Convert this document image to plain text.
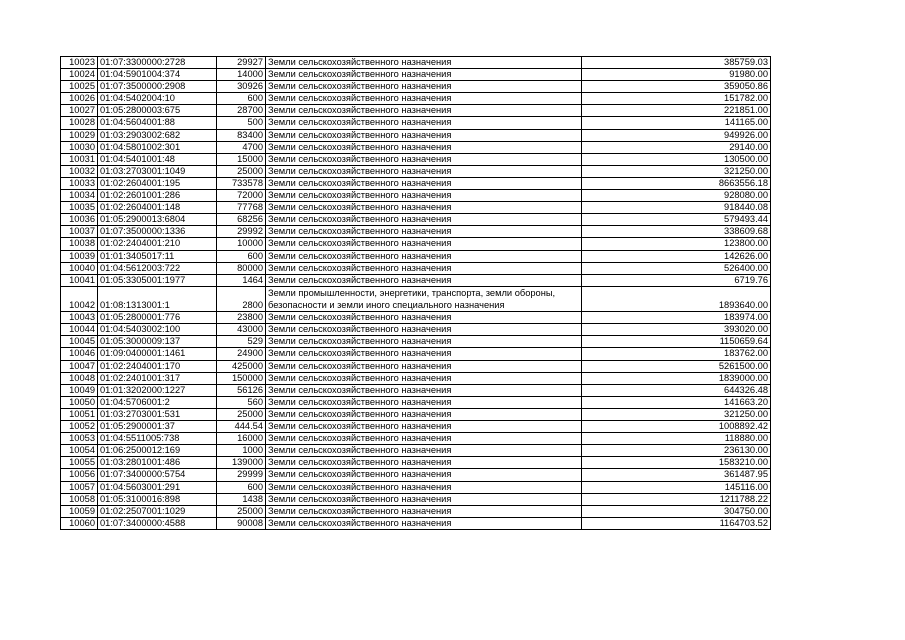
10023	01:07:3300000:2728	29927	Земли сельскохозяйственного назначения	385759.03
10024	01:04:5901004:374	14000	Земли сельскохозяйственного назначения	91980.00
10025	01:07:3500000:2908	30926	Земли сельскохозяйственного назначения	359050.86
10026	01:04:5402004:10	600	Земли сельскохозяйственного назначения	151782.00
10027	01:05:2800003:675	28700	Земли сельскохозяйственного назначения	221851.00
10028	01:04:5604001:88	500	Земли сельскохозяйственного назначения	141165.00
10029	01:03:2903002:682	83400	Земли сельскохозяйственного назначения	949926.00
10030	01:04:5801002:301	4700	Земли сельскохозяйственного назначения	29140.00
10031	01:04:5401001:48	15000	Земли сельскохозяйственного назначения	130500.00
10032	01:03:2703001:1049	25000	Земли сельскохозяйственного назначения	321250.00
10033	01:02:2604001:195	733578	Земли сельскохозяйственного назначения	8663556.18
10034	01:02:2601001:286	72000	Земли сельскохозяйственного назначения	928080.00
10035	01:02:2604001:148	77768	Земли сельскохозяйственного назначения	918440.08
10036	01:05:2900013:6804	68256	Земли сельскохозяйственного назначения	579493.44
10037	01:07:3500000:1336	29992	Земли сельскохозяйственного назначения	338609.68
10038	01:02:2404001:210	10000	Земли сельскохозяйственного назначения	123800.00
10039	01:01:3405017:11	600	Земли сельскохозяйственного назначения	142626.00
10040	01:04:5612003:722	80000	Земли сельскохозяйственного назначения	526400.00
10041	01:05:3305001:1977	1464	Земли сельскохозяйственного назначения	6719.76
10042	01:08:1313001:1	2800	Земли промышленности, энергетики, транспорта, земли обороны, безопасности и земли иного специального назначения	1893640.00
10043	01:05:2800001:776	23800	Земли сельскохозяйственного назначения	183974.00
10044	01:04:5403002:100	43000	Земли сельскохозяйственного назначения	393020.00
10045	01:05:3000009:137	529	Земли сельскохозяйственного назначения	1150659.64
10046	01:09:0400001:1461	24900	Земли сельскохозяйственного назначения	183762.00
10047	01:02:2404001:170	425000	Земли сельскохозяйственного назначения	5261500.00
10048	01:02:2401001:317	150000	Земли сельскохозяйственного назначения	1839000.00
10049	01:01:3202000:1227	56126	Земли сельскохозяйственного назначения	644326.48
10050	01:04:5706001:2	560	Земли сельскохозяйственного назначения	141663.20
10051	01:03:2703001:531	25000	Земли сельскохозяйственного назначения	321250.00
10052	01:05:2900001:37	444.54	Земли сельскохозяйственного назначения	1008892.42
10053	01:04:5511005:738	16000	Земли сельскохозяйственного назначения	118880.00
10054	01:06:2500012:169	1000	Земли сельскохозяйственного назначения	236130.00
10055	01:03:2801001:486	139000	Земли сельскохозяйственного назначения	1583210.00
10056	01:07:3400000:5754	29999	Земли сельскохозяйственного назначения	361487.95
10057	01:04:5603001:291	600	Земли сельскохозяйственного назначения	145116.00
10058	01:05:3100016:898	1438	Земли сельскохозяйственного назначения	1211788.22
10059	01:02:2507001:1029	25000	Земли сельскохозяйственного назначения	304750.00
10060	01:07:3400000:4588	90008	Земли сельскохозяйственного назначения	1164703.52
